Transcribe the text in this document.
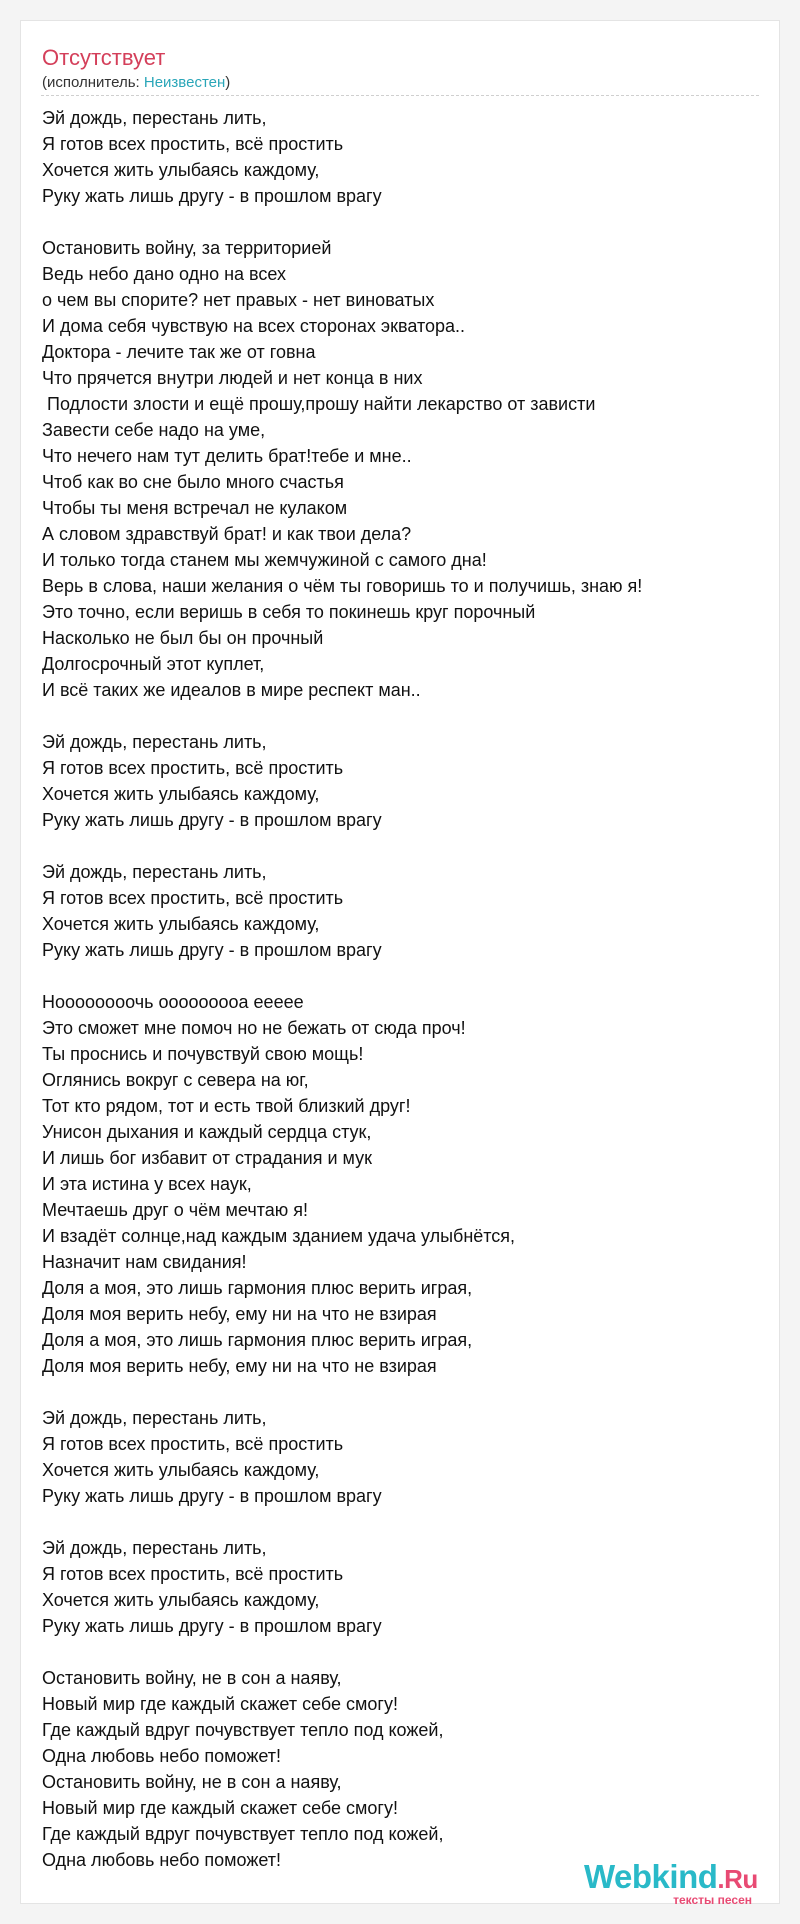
Отсутствует
(исполнитель: Неизвестен)
Эй дождь, перестань лить,
Я готов всех простить, всё простить
Хочется жить улыбаясь каждому,
Руку жать лишь другу - в прошлом врагу

Остановить войну, за территорией
Ведь небо дано одно на всех
о чем вы спорите? нет правых - нет виноватых
И дома себя чувствую на всех сторонах экватора..
Доктора - лечите так же от говна
Что прячется внутри людей и нет конца в них
Подлости злости и ещё прошу,прошу найти лекарство от зависти
Завести себе надо на уме,
Что нечего нам тут делить брат!тебе и мне..
Чтоб как во сне было много счастья
Чтобы ты меня встречал не кулаком
А словом здравствуй брат! и как твои дела?
И только тогда станем мы жемчужиной с самого дна!
Верь в слова, наши желания о чём ты говоришь то и получишь, знаю я!
Это точно, если веришь в себя то покинешь круг порочный
Насколько не был бы он прочный
Долгосрочный этот куплет,
И всё таких же идеалов в мире респект ман..

Эй дождь, перестань лить,
Я готов всех простить, всё простить
Хочется жить улыбаясь каждому,
Руку жать лишь другу - в прошлом врагу

Эй дождь, перестань лить,
Я готов всех простить, всё простить
Хочется жить улыбаясь каждому,
Руку жать лишь другу - в прошлом врагу

Ноооооооочь ооооооооа еееее
Это сможет мне помоч но не бежать от сюда проч!
Ты проснись и почувствуй свою мощь!
Оглянись вокруг с севера на юг,
Тот кто рядом, тот и есть твой близкий друг!
Унисон дыхания и каждый сердца стук,
И лишь бог избавит от страдания и мук
И эта истина у всех наук,
Мечтаешь друг о чём мечтаю я!
И взадёт солнце,над каждым зданием удача улыбнётся,
Назначит нам свидания!
Доля а моя, это лишь гармония плюс верить играя,
Доля моя верить небу, ему ни на что не взирая
Доля а моя, это лишь гармония плюс верить играя,
Доля моя верить небу, ему ни на что не взирая

Эй дождь, перестань лить,
Я готов всех простить, всё простить
Хочется жить улыбаясь каждому,
Руку жать лишь другу - в прошлом врагу

Эй дождь, перестань лить,
Я готов всех простить, всё простить
Хочется жить улыбаясь каждому,
Руку жать лишь другу - в прошлом врагу

Остановить войну, не в сон а наяву,
Новый мир где каждый скажет себе смогу!
Где каждый вдруг почувствует тепло под кожей,
Одна любовь небо поможет!
Остановить войну, не в сон а наяву,
Новый мир где каждый скажет себе смогу!
Где каждый вдруг почувствует тепло под кожей,
Одна любовь небо поможет!	Webkind.Ru
тексты песен
